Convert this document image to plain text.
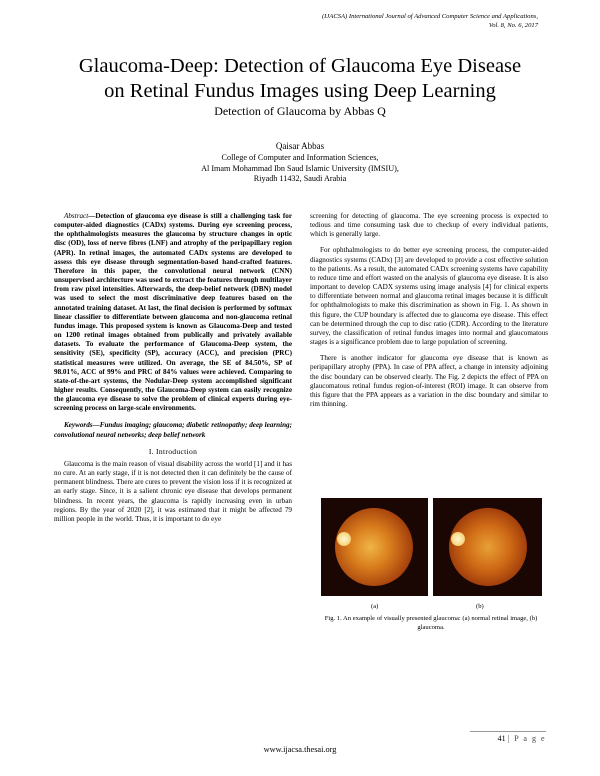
(IJACSA) International Journal of Advanced Computer Science and Applications,
Vol. 8, No. 6, 2017
Glaucoma-Deep: Detection of Glaucoma Eye Disease
on Retinal Fundus Images using Deep Learning
Detection of Glaucoma by Abbas Q
Qaisar Abbas
College of Computer and Information Sciences,
Al Imam Mohammad Ibn Saud Islamic University (IMSIU),
Riyadh 11432, Saudi Arabia

Abstract—Detection of glaucoma eye disease is still a challenging task for computer-aided diagnostics (CADx) systems. During eye screening process, the ophthalmologists measures the glaucoma by structure changes in optic disc (OD), loss of nerve fibres (LNF) and atrophy of the peripapillary region (APR). In retinal images, the automated CADx systems are developed to assess this eye disease through segmentation-based hand-crafted features. Therefore in this paper, the convolutional neural network (CNN) unsupervised architecture was used to extract the features through multilayer from raw pixel intensities. Afterwards, the deep-belief network (DBN) model was used to select the most discriminative deep features based on the annotated training dataset. At last, the final decision is performed by softmax linear classifier to differentiate between glaucoma and non-glaucoma retinal fundus image. This proposed system is known as Glaucoma-Deep and tested on 1200 retinal images obtained from publically and privately available datasets. To evaluate the performance of Glaucoma-Deep system, the sensitivity (SE), specificity (SP), accuracy (ACC), and precision (PRC) statistical measures were utilized. On average, the SE of 84.50%, SP of 98.01%, ACC of 99% and PRC of 84% values were achieved. Comparing to state-of-the-art systems, the Nodular-Deep system accomplished significant higher results. Consequently, the Glaucoma-Deep system can easily recognize the glaucoma eye disease to solve the problem of clinical experts during eye-screening process on large-scale environments.

Keywords—Fundus imaging; glaucoma; diabetic retinopathy; deep learning; convolutional neural networks; deep belief network

I. Introduction

Glaucoma is the main reason of visual disability across the world [1] and it has no cure. At an early stage, if it is not detected then it can definitely be the cause of permanent blindness. There are cures to prevent the vision loss if it is recognized at an early stage. Since, it is a salient chronic eye disease that develops permanent blindness. In recent years, the glaucoma is rapidly increasing even in urban regions. By the year of 2020 [2], it was estimated that it might be affected 79 million people in the world. Thus, it is important to do eye

screening for detecting of glaucoma. The eye screening process is expected to tedious and time consuming task due to checkup of every individual patients, which is generally large.

For ophthalmologists to do better eye screening process, the computer-aided diagnostics systems (CADx) [3] are developed to provide a cost effective solution to the patients. As a result, the automated CADx screening systems have capability to reduce time and effort wasted on the analysis of glaucoma eye disease. It is also important to develop CADX systems using image analysis [4] for clinical experts to differentiate between normal and glaucoma retinal images because it is difficult for ophthalmologists to make this discrimination as shown in Fig. 1. As shown in this figure, the CUP boundary is affected due to glaucoma eye disease. This effect can be determined through the cup to disc ratio (CDR). According to the literature survey, the classification of retinal fundus images into normal and glaucomatous stages is a significance problem due to large population of screening.

There is another indicator for glaucoma eye disease that is known as peripapillary atrophy (PPA). In case of PPA affect, a change in intensity adjoining the disc boundary can be observed clearly. The Fig. 2 depicts the effect of PPA on glaucomatous retinal fundus region-of-interest (ROI) image. It can observe from this figure that the PPA appears as a variation in the disc boundary and similar to rim thinning.

(a)	(b)
Fig. 1. An example of visually presented glaucoma: (a) normal retinal image, (b) glaucoma.
41 | P a g e
www.ijacsa.thesai.org
